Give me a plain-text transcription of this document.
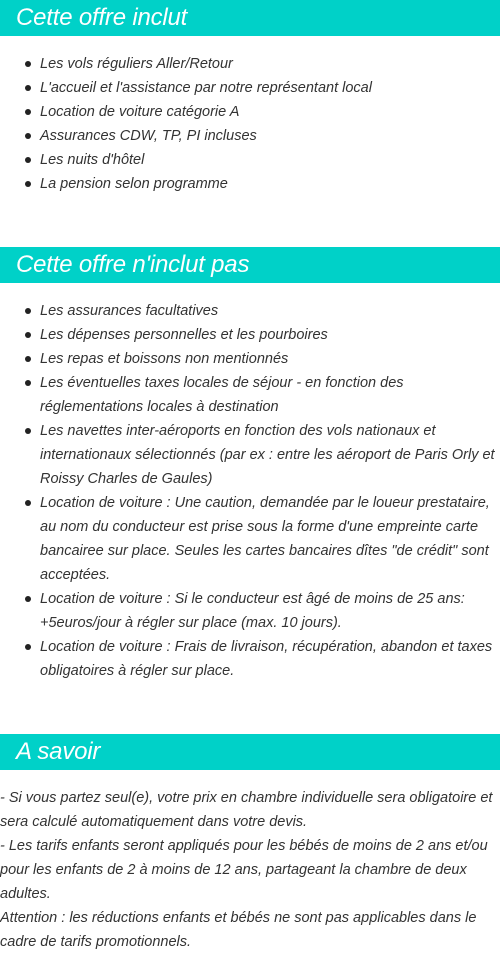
Cette offre inclut
Les vols réguliers Aller/Retour
L'accueil et l'assistance par notre représentant local
Location de voiture catégorie A
Assurances CDW, TP, PI incluses
Les nuits d'hôtel
La pension selon programme
Cette offre n'inclut pas
Les assurances facultatives
Les dépenses personnelles et les pourboires
Les repas et boissons non mentionnés
Les éventuelles taxes locales de séjour - en fonction des réglementations locales à destination
Les navettes inter-aéroports en fonction des vols nationaux et internationaux sélectionnés (par ex : entre les aéroport de Paris Orly et Roissy Charles de Gaules)
Location de voiture : Une caution, demandée par le loueur prestataire, au nom du conducteur est prise sous la forme d'une empreinte carte bancairee sur place. Seules les cartes bancaires dîtes "de crédit" sont acceptées.
Location de voiture : Si le conducteur est âgé de moins de 25 ans: +5euros/jour à régler sur place (max. 10 jours).
Location de voiture : Frais de livraison, récupération, abandon et taxes obligatoires à régler sur place.
A savoir

- Si vous partez seul(e), votre prix en chambre individuelle sera obligatoire et sera calculé automatiquement dans votre devis.

- Les tarifs enfants seront appliqués pour les bébés de moins de 2 ans et/ou pour les enfants de 2 à moins de 12 ans, partageant la chambre de deux adultes.

Attention : les réductions enfants et bébés ne sont pas applicables dans le cadre de tarifs promotionnels.
